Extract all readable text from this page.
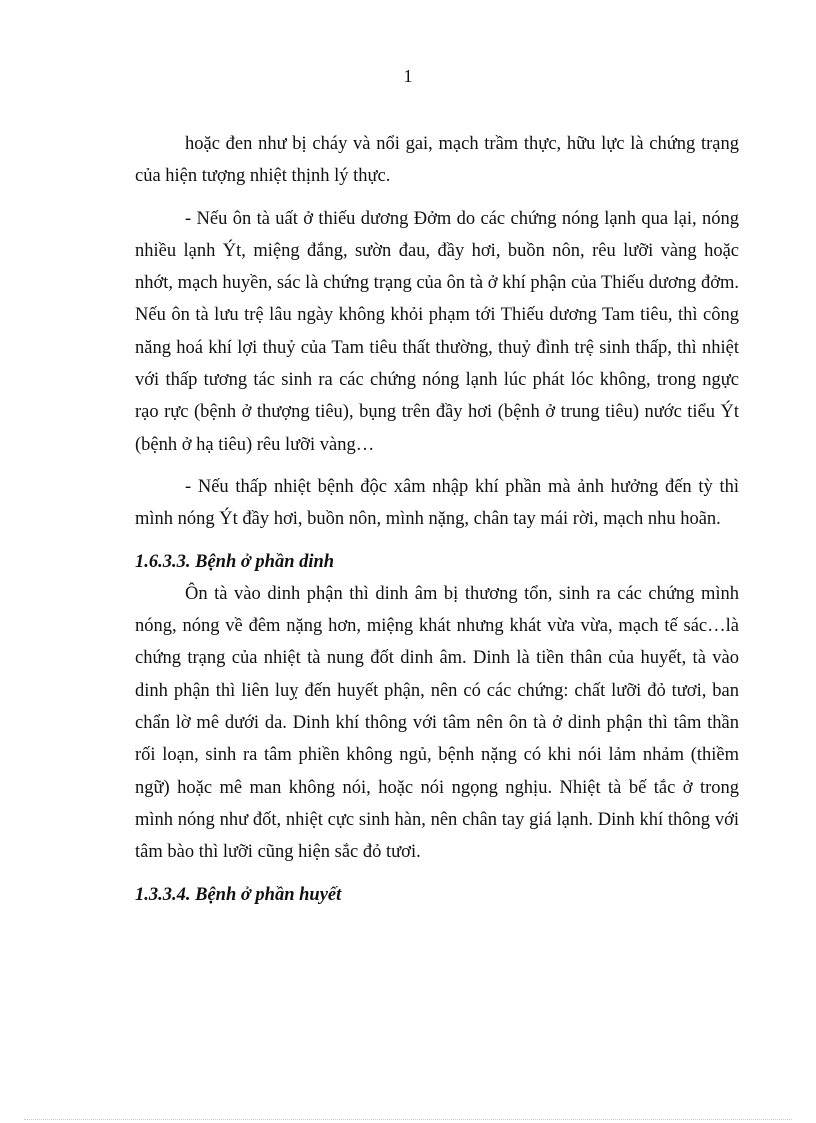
1

hoặc đen như bị cháy và nổi gai, mạch trầm thực, hữu lực là chứng trạng của hiện tượng nhiệt thịnh lý thực.

- Nếu ôn tà uất ở thiếu dương Đởm do các chứng nóng lạnh qua lại, nóng nhiều lạnh Ýt, miệng đắng, sườn đau, đầy hơi, buồn nôn, rêu lưỡi vàng hoặc nhớt, mạch huyền, sác là chứng trạng của ôn tà ở khí phận của Thiếu dương đởm. Nếu ôn tà lưu trệ lâu ngày không khỏi phạm tới Thiếu dương Tam tiêu, thì công năng hoá khí lợi thuỷ của Tam tiêu thất thường, thuỷ đình trệ sinh thấp, thì nhiệt với thấp tương tác sinh ra các chứng nóng lạnh lúc phát lóc không, trong ngực rạo rực (bệnh ở thượng tiêu), bụng trên đầy hơi (bệnh ở trung tiêu) nước tiểu Ýt (bệnh ở hạ tiêu) rêu lưỡi vàng…

- Nếu thấp nhiệt bệnh độc xâm nhập khí phần mà ảnh hưởng đến tỳ thì mình nóng Ýt đầy hơi, buồn nôn, mình nặng, chân tay mái rời, mạch nhu hoãn.

1.6.3.3. Bệnh ở phần dinh

Ôn tà vào dinh phận thì dinh âm bị thương tổn, sinh ra các chứng mình nóng, nóng về đêm nặng hơn, miệng khát nhưng khát vừa vừa, mạch tế sác…là chứng trạng của nhiệt tà nung đốt dinh âm. Dinh là tiền thân của huyết, tà vào dinh phận thì liên luỵ đến huyết phận, nên có các chứng: chất lưỡi đỏ tươi, ban chẩn lờ mê dưới da. Dinh khí thông với tâm nên ôn tà ở dinh phận thì tâm thần rối loạn, sinh ra tâm phiền không ngủ, bệnh nặng có khi nói lảm nhảm (thiềm ngữ) hoặc mê man không nói, hoặc nói ngọng nghịu. Nhiệt tà bế tắc ở trong mình nóng như đốt, nhiệt cực sinh hàn, nên chân tay giá lạnh. Dinh khí thông với tâm bào thì lưỡi cũng hiện sắc đỏ tươi.

1.3.3.4. Bệnh ở phần huyết
